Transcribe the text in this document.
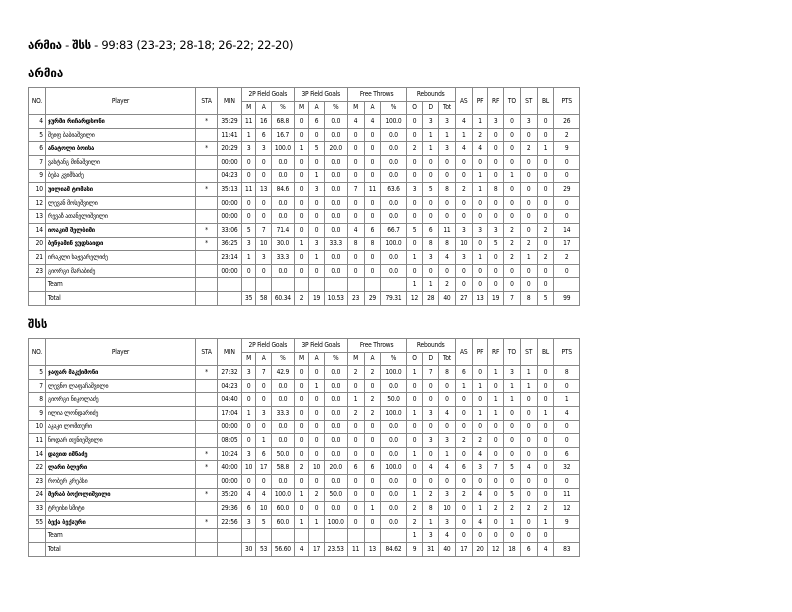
არმია - შსს - 99:83 (23-23; 28-18; 26-22; 22-20)
არმია
NO.	Player	STA	MIN	2P Field Goals			3P Field Goals			Free Throws			Rebounds			AS	PF	RF	TO	ST	BL	PTS
				M	A	%	M	A	%	M	A	%	O	D	Tot							
4	ჯურმი რიჩარდსონი	*	35:29	11	16	68.8	0	6	0.0	4	4	100.0	0	3	3	4	1	3	0	3	0	26
5	შეიფ ბაბიაშვილი		11:41	1	6	16.7	0	0	0.0	0	0	0.0	0	1	1	1	2	0	0	0	0	2
6	ანატოლი ბოისა	*	20:29	3	3	100.0	1	5	20.0	0	0	0.0	2	1	3	4	4	0	0	2	1	9
7	ვახტანგ მინაშვილი		00:00	0	0	0.0	0	0	0.0	0	0	0.0	0	0	0	0	0	0	0	0	0	0
9	ბება კვიმხაძე		04:23	0	0	0.0	0	1	0.0	0	0	0.0	0	0	0	0	1	0	1	0	0	0
10	უილიამ ტომასი	*	35:13	11	13	84.6	0	3	0.0	7	11	63.6	3	5	8	2	1	8	0	0	0	29
12	ლევან მოსეშვილი		00:00	0	0	0.0	0	0	0.0	0	0	0.0	0	0	0	0	0	0	0	0	0	0
13	რევაზ ათანელიშვილი		00:00	0	0	0.0	0	0	0.0	0	0	0.0	0	0	0	0	0	0	0	0	0	0
14	იოაკიმ შელბიმი	*	33:06	5	7	71.4	0	0	0.0	4	6	66.7	5	6	11	3	3	3	2	0	2	14
20	ბენჯამინ ვუდსაიდი	*	36:25	3	10	30.0	1	3	33.3	8	8	100.0	0	8	8	10	0	5	2	2	0	17
21	ირაკლი ხაჟვარელიძე		23:14	1	3	33.3	0	1	0.0	0	0	0.0	1	3	4	3	1	0	2	1	2	2
23	გიორგი მარაბიძე		00:00	0	0	0.0	0	0	0.0	0	0	0.0	0	0	0	0	0	0	0	0	0	0
	Team												1	1	2	0	0	0	0	0	0	
	Total			35	58	60.34	2	19	10.53	23	29	79.31	12	28	40	27	13	19	7	8	5	99
შსს
NO.	Player	STA	MIN	2P Field Goals			3P Field Goals			Free Throws			Rebounds			AS	PF	RF	TO	ST	BL	PTS
				M	A	%	M	A	%	M	A	%	O	D	Tot							
5	ჯაფარ მაკქიმონი	*	27:32	3	7	42.9	0	0	0.0	2	2	100.0	1	7	8	6	0	1	3	1	0	8
7	ლევნო ლაფაჩაშვილი		04:23	0	0	0.0	0	1	0.0	0	0	0.0	0	0	0	1	1	0	1	1	0	0
8	გიორგი ნიკოლაძე		04:40	0	0	0.0	0	0	0.0	1	2	50.0	0	0	0	0	0	1	1	0	0	1
9	ილია ლონდარიძე		17:04	1	3	33.3	0	0	0.0	2	2	100.0	1	3	4	0	1	1	0	0	1	4
10	აკაკი ლომთური		00:00	0	0	0.0	0	0	0.0	0	0	0.0	0	0	0	0	0	0	0	0	0	0
11	ნოდარ თუნიეშვილი		08:05	0	1	0.0	0	0	0.0	0	0	0.0	0	3	3	2	2	0	0	0	0	0
14	დავით იმნაძე	*	10:24	3	6	50.0	0	0	0.0	0	0	0.0	1	0	1	0	4	0	0	0	0	6
22	ლარი ბლერი	*	40:00	10	17	58.8	2	10	20.0	6	6	100.0	0	4	4	6	3	7	5	4	0	32
23	რობერ კრეპსი		00:00	0	0	0.0	0	0	0.0	0	0	0.0	0	0	0	0	0	0	0	0	0	0
24	მერაბ ბოქოლიშვილი	*	35:20	4	4	100.0	1	2	50.0	0	0	0.0	1	2	3	2	4	0	5	0	0	11
33	ტრეისი სმიტი		29:36	6	10	60.0	0	0	0.0	0	1	0.0	2	8	10	0	1	2	2	2	2	12
55	ბექა ბექაური	*	22:56	3	5	60.0	1	1	100.0	0	0	0.0	2	1	3	0	4	0	1	0	1	9
	Team												1	3	4	0	0	0	0	0	0	
	Total			30	53	56.60	4	17	23.53	11	13	84.62	9	31	40	17	20	12	18	6	4	83
